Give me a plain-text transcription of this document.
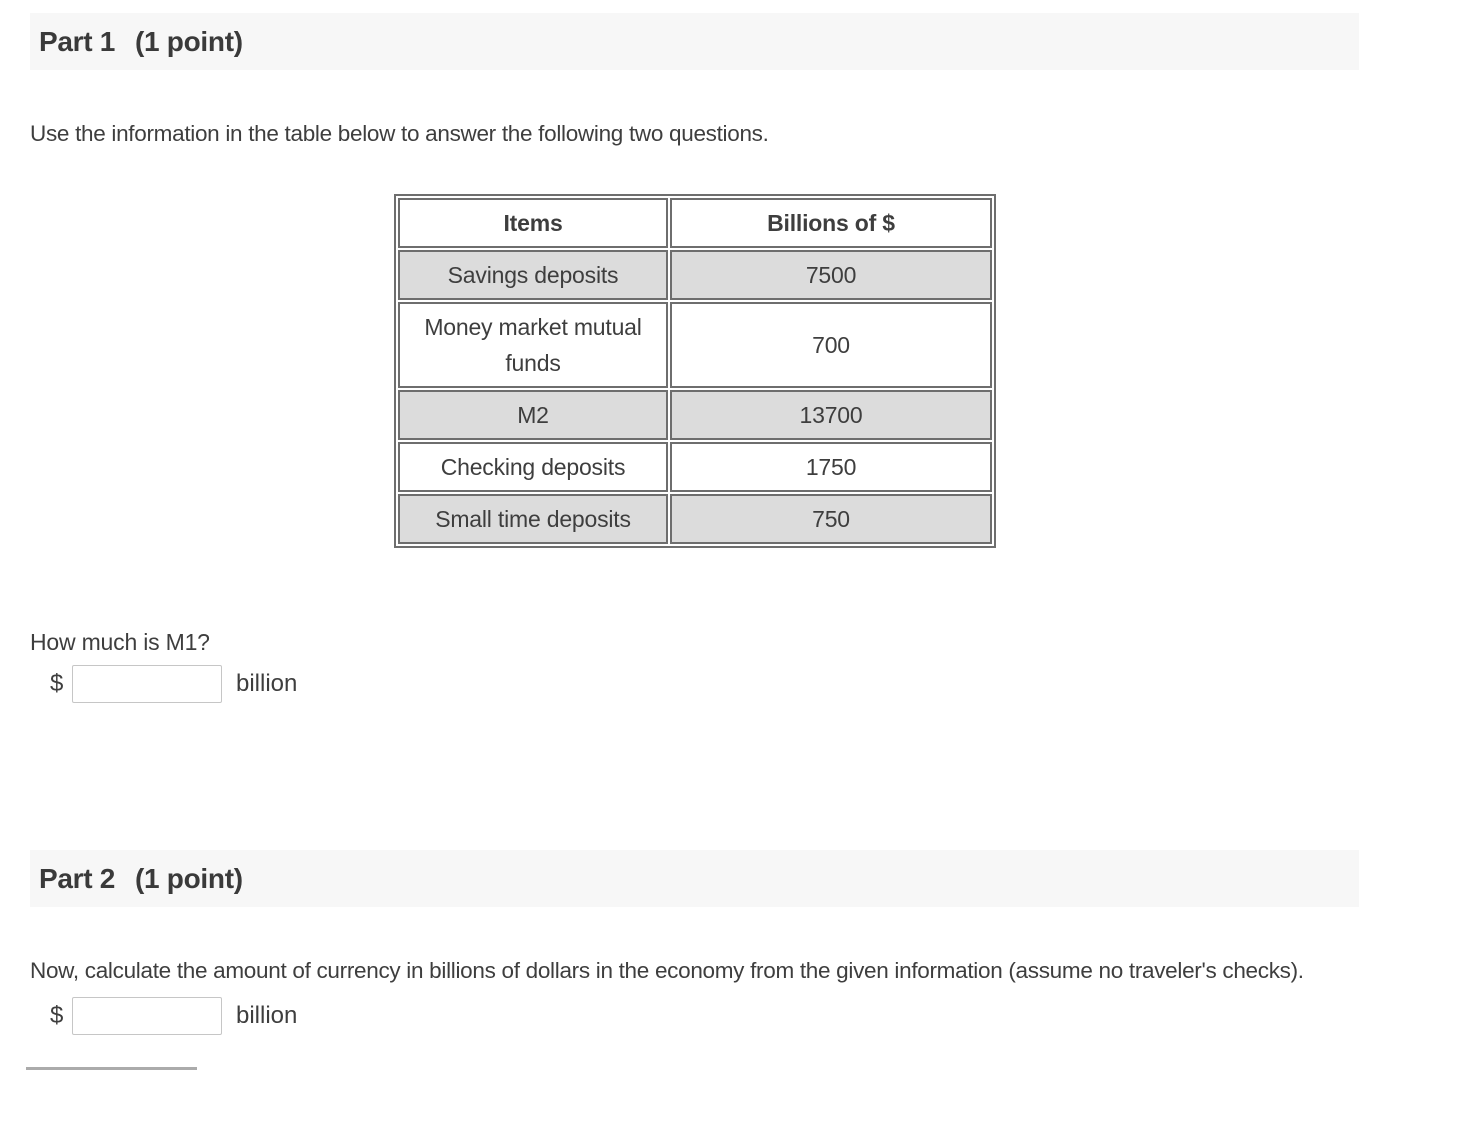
Part 1 (1 point)

Use the information in the table below to answer the following two questions.

Items	Billions of $
Savings deposits	7500
Money market mutual funds	700
M2	13700
Checking deposits	1750
Small time deposits	750

How much is M1?

$	billion
Part 2 (1 point)

Now, calculate the amount of currency in billions of dollars in the economy from the given information (assume no traveler's checks).

$	billion
